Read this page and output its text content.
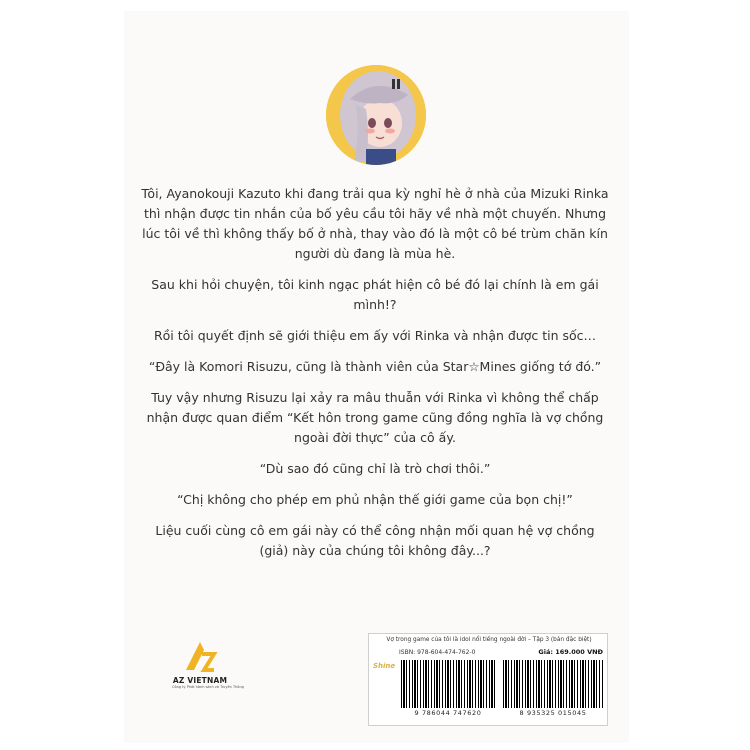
Tôi, Ayanokouji Kazuto khi đang trải qua kỳ nghỉ hè ở nhà của Mizuki Rinka thì nhận được tin nhắn của bố yêu cầu tôi hãy về nhà một chuyến. Nhưng lúc tôi về thì không thấy bố ở nhà, thay vào đó là một cô bé trùm chăn kín người dù đang là mùa hè.

Sau khi hỏi chuyện, tôi kinh ngạc phát hiện cô bé đó lại chính là em gái mình!?

Rồi tôi quyết định sẽ giới thiệu em ấy với Rinka và nhận được tin sốc…

“Đây là Komori Risuzu, cũng là thành viên của Star☆Mines giống tớ đó.”

Tuy vậy nhưng Risuzu lại xảy ra mâu thuẫn với Rinka vì không thể chấp nhận được quan điểm “Kết hôn trong game cũng đồng nghĩa là vợ chồng ngoài đời thực” của cô ấy.

“Dù sao đó cũng chỉ là trò chơi thôi.”

“Chị không cho phép em phủ nhận thế giới game của bọn chị!”

Liệu cuối cùng cô em gái này có thể công nhận mối quan hệ vợ chồng (giả) này của chúng tôi không đây...?

AZ VIETNAM
Công ty Phát hành sách và Truyền Thông
Vợ trong game của tôi là idol nổi tiếng ngoài đời – Tập 3 (bản đặc biệt)
ISBN: 978-604-474-762-0	Giá: 169.000 VNĐ
Shine
9 786044 747620	8 935325 015045
